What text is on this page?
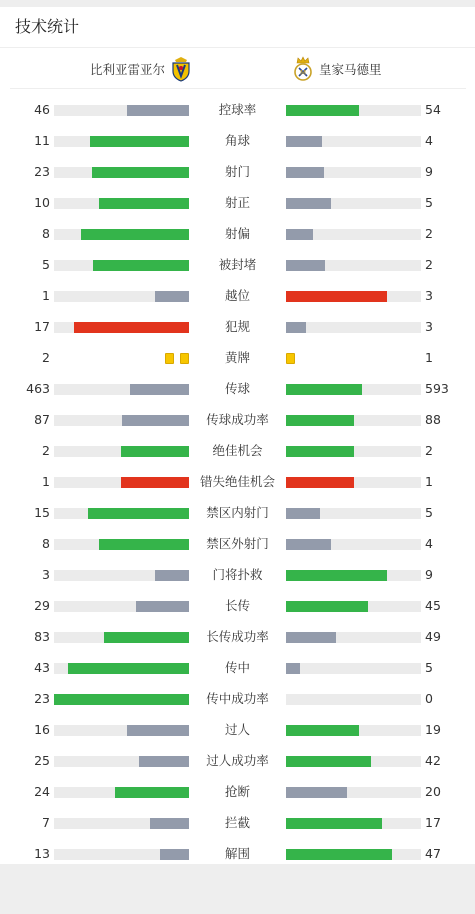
技术统计
比利亚雷亚尔	M 皇家马德里
46	控球率	54
11	角球	4
23	射门	9
10	射正	5
8	射偏	2
5	被封堵	2
1	越位	3
17	犯规	3
2	黄牌	1
463	传球	593
87	传球成功率	88
2	绝佳机会	2
1	错失绝佳机会	1
15	禁区内射门	5
8	禁区外射门	4
3	门将扑救	9
29	长传	45
83	长传成功率	49
43	传中	5
23	传中成功率	0
16	过人	19
25	过人成功率	42
24	抢断	20
7	拦截	17
13	解围	47
